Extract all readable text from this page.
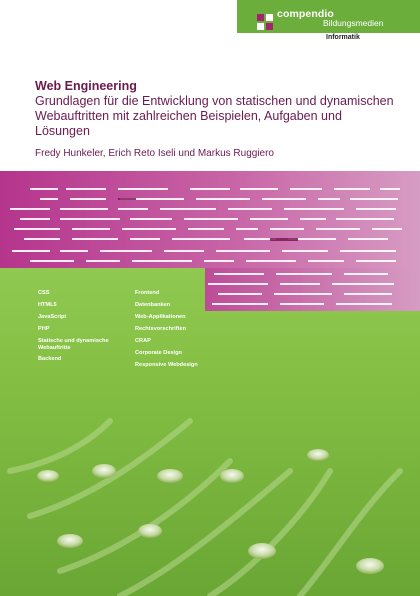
compendio
Bildungsmedien
Informatik
Web Engineering
Grundlagen für die Entwicklung von statischen und dynamischen Webauftritten mit zahlreichen Beispielen, Aufgaben und Lösungen
Fredy Hunkeler, Erich Reto Iseli und Markus Ruggiero
CSS
HTML5
JavaScript
PHP
Statische und dynamische Webauftritte
Backend
Frontend
Datenbanken
Web-Applikationen
Rechtsvorschriften
CRAP
Corporate Design
Responsive Webdesign
